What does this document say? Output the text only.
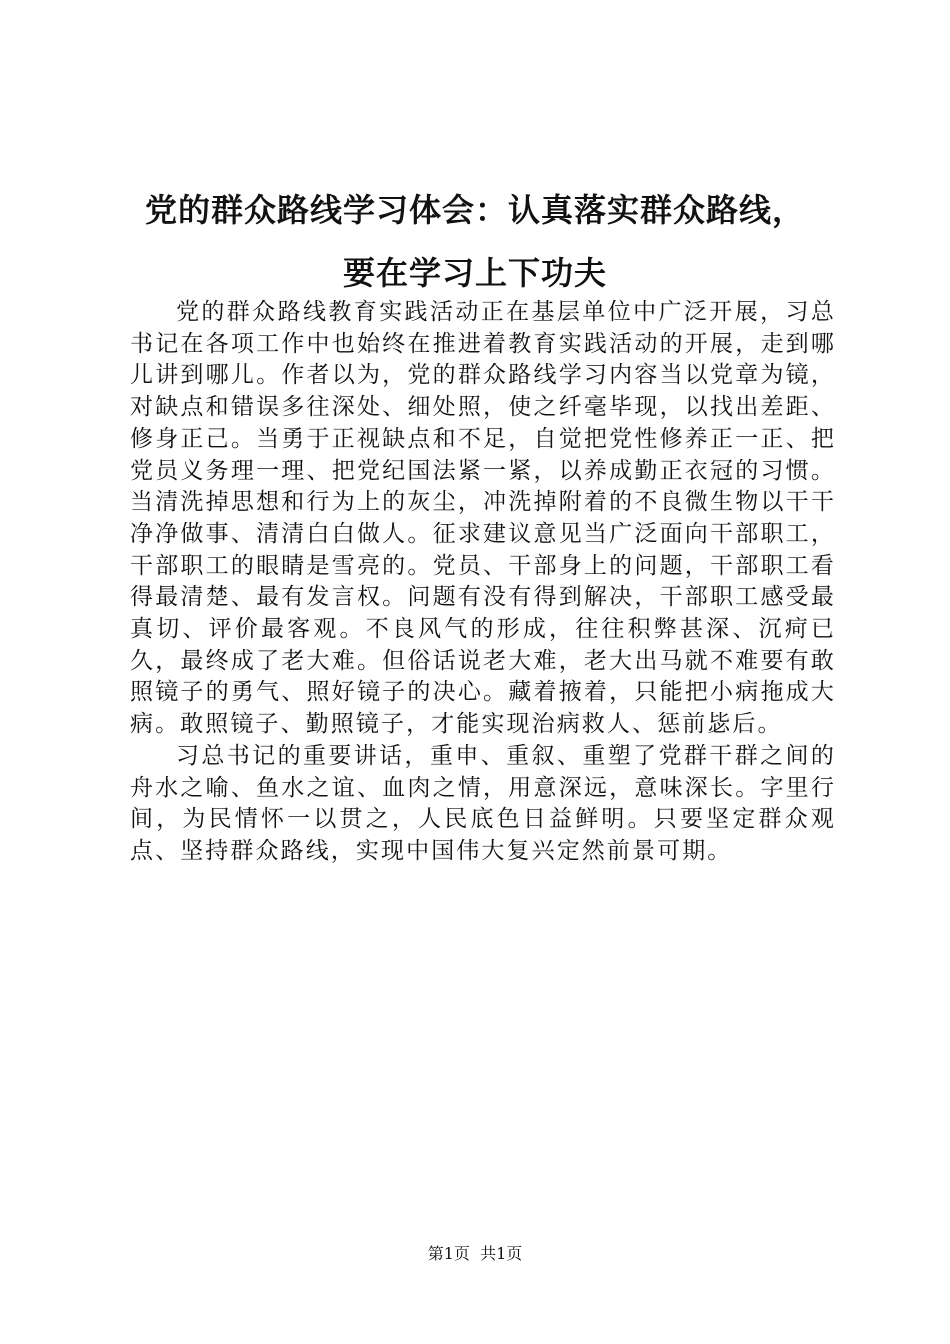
党的群众路线学习体会：认真落实群众路线，
要在学习上下功夫

党的群众路线教育实践活动正在基层单位中广泛开展，习总书记在各项工作中也始终在推进着教育实践活动的开展，走到哪儿讲到哪儿。作者以为，党的群众路线学习内容当以党章为镜，对缺点和错误多往深处、细处照，使之纤毫毕现，以找出差距、修身正己。当勇于正视缺点和不足，自觉把党性修养正一正、把党员义务理一理、把党纪国法紧一紧，以养成勤正衣冠的习惯。当清洗掉思想和行为上的灰尘，冲洗掉附着的不良微生物以干干净净做事、清清白白做人。征求建议意见当广泛面向干部职工，干部职工的眼睛是雪亮的。党员、干部身上的问题，干部职工看得最清楚、最有发言权。问题有没有得到解决，干部职工感受最真切、评价最客观。不良风气的形成，往往积弊甚深、沉疴已久，最终成了老大难。但俗话说老大难，老大出马就不难要有敢照镜子的勇气、照好镜子的决心。藏着掖着，只能把小病拖成大病。敢照镜子、勤照镜子，才能实现治病救人、惩前毖后。

习总书记的重要讲话，重申、重叙、重塑了党群干群之间的舟水之喻、鱼水之谊、血肉之情，用意深远，意味深长。字里行间，为民情怀一以贯之，人民底色日益鲜明。只要坚定群众观点、坚持群众路线，实现中国伟大复兴定然前景可期。

第1页  共1页
